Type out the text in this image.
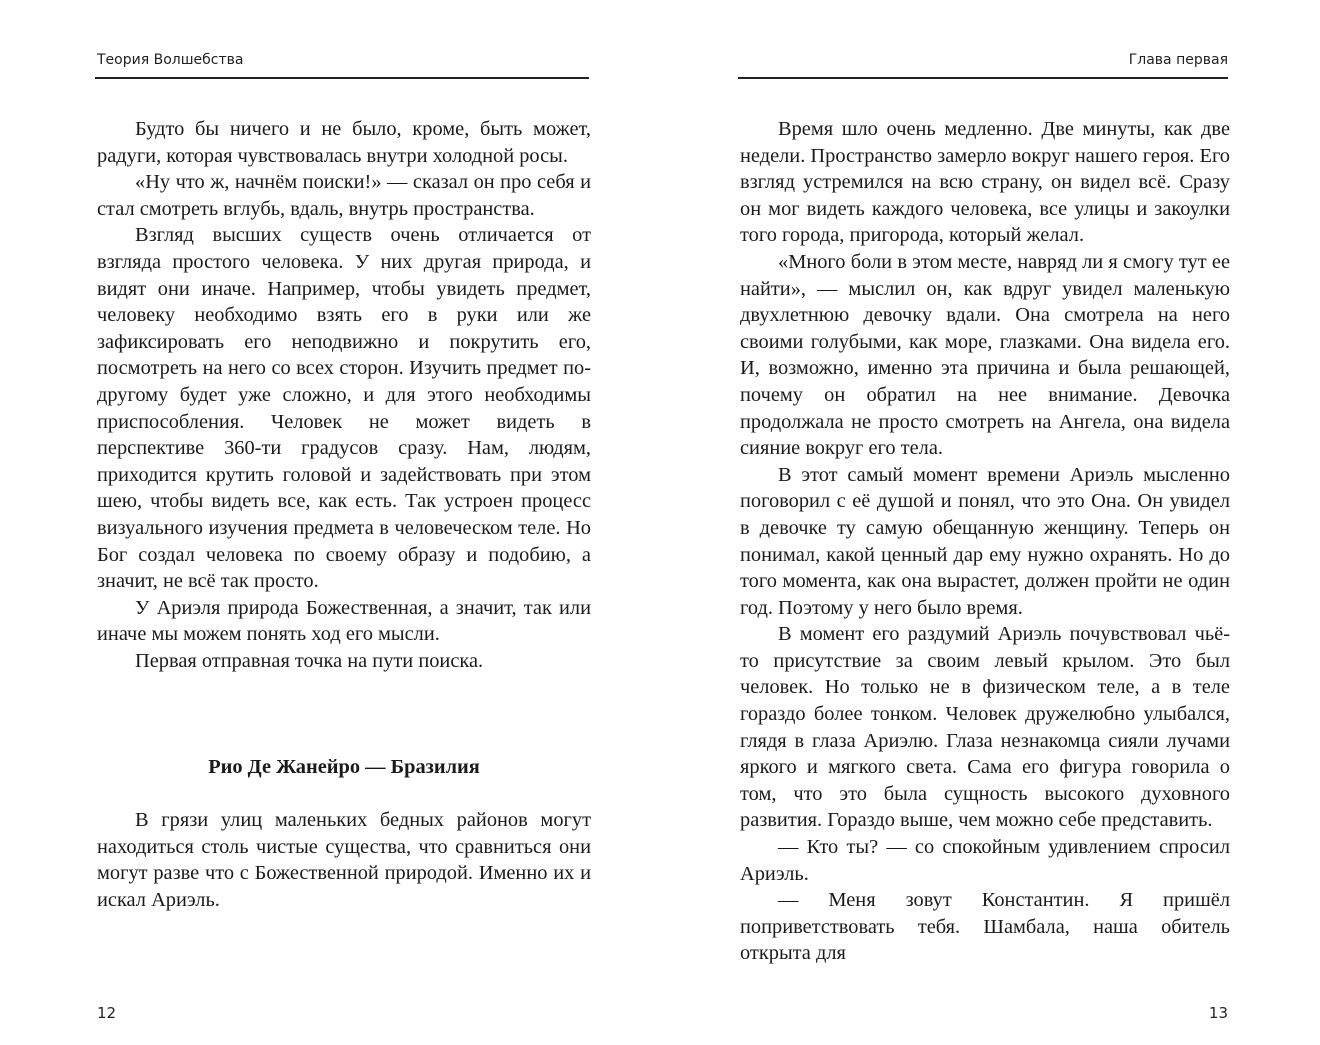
Теория Волшебства

Будто бы ничего и не было, кроме, быть может, радуги, которая чувствовалась внутри холодной росы.

«Ну что ж, начнём поиски!» — сказал он про себя и стал смотреть вглубь, вдаль, внутрь пространства.

Взгляд высших существ очень отличается от взгляда простого человека. У них другая природа, и видят они иначе. Например, чтобы увидеть предмет, человеку необходимо взять его в руки или же зафиксировать его неподвижно и покрутить его, посмотреть на него со всех сторон. Изучить предмет по-другому будет уже сложно, и для этого необходимы приспособления. Человек не может видеть в перспективе 360-ти градусов сразу. Нам, людям, приходится крутить головой и задействовать при этом шею, чтобы видеть все, как есть. Так устроен процесс визуального изучения предмета в человеческом теле. Но Бог создал человека по своему образу и подобию, а значит, не всё так просто.

У Ариэля природа Божественная, а значит, так или иначе мы можем понять ход его мысли.

Первая отправная точка на пути поиска.

Рио Де Жанейро — Бразилия

В грязи улиц маленьких бедных районов могут находиться столь чистые существа, что сравниться они могут разве что с Божественной природой. Именно их и искал Ариэль.

12
Глава первая

Время шло очень медленно. Две минуты, как две недели. Пространство замерло вокруг нашего героя. Его взгляд устремился на всю страну, он видел всё. Сразу он мог видеть каждого человека, все улицы и закоулки того города, пригорода, который желал.

«Много боли в этом месте, навряд ли я смогу тут ее найти», — мыслил он, как вдруг увидел маленькую двухлетнюю девочку вдали. Она смотрела на него своими голубыми, как море, глазками. Она видела его. И, возможно, именно эта причина и была решающей, почему он обратил на нее внимание. Девочка продолжала не просто смотреть на Ангела, она видела сияние вокруг его тела.

В этот самый момент времени Ариэль мысленно поговорил с её душой и понял, что это Она. Он увидел в девочке ту самую обещанную женщину. Теперь он понимал, какой ценный дар ему нужно охранять. Но до того момента, как она вырастет, должен пройти не один год. Поэтому у него было время.

В момент его раздумий Ариэль почувствовал чьё-то присутствие за своим левый крылом. Это был человек. Но только не в физическом теле, а в теле гораздо более тонком. Человек дружелюбно улыбался, глядя в глаза Ариэлю. Глаза незнакомца сияли лучами яркого и мягкого света. Сама его фигура говорила о том, что это была сущность высокого духовного развития. Гораздо выше, чем можно себе представить.

— Кто ты? — со спокойным удивлением спросил Ариэль.

— Меня зовут Константин. Я пришёл поприветствовать тебя. Шамбала, наша обитель открыта для

13
